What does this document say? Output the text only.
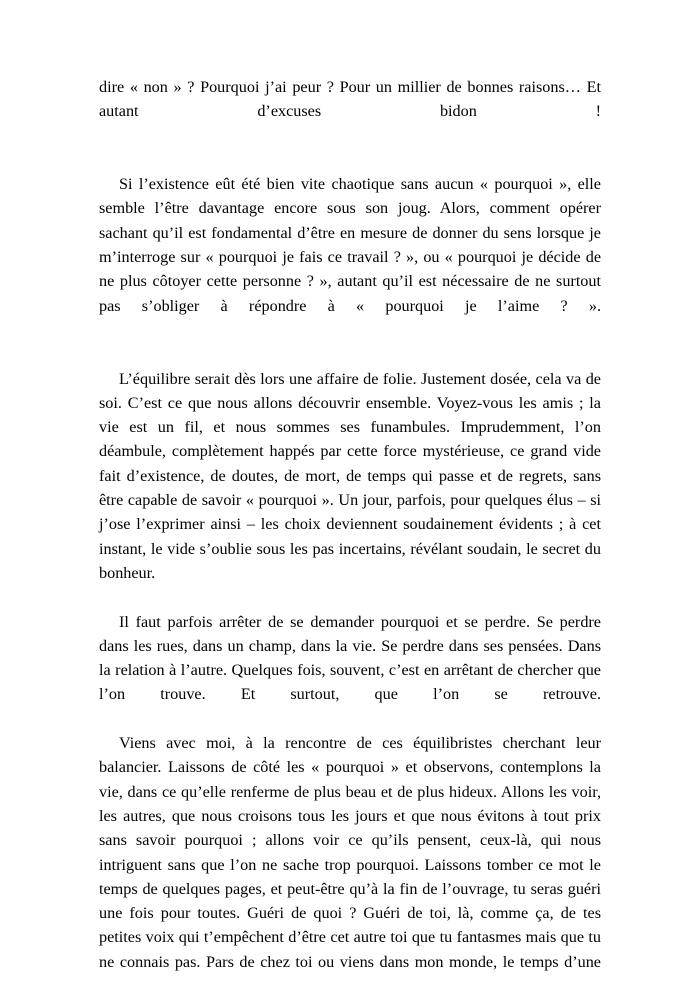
dire « non » ? Pourquoi j’ai peur ? Pour un millier de bonnes raisons… Et autant d’excuses bidon !

Si l’existence eût été bien vite chaotique sans aucun « pourquoi », elle semble l’être davantage encore sous son joug. Alors, comment opérer sachant qu’il est fondamental d’être en mesure de donner du sens lorsque je m’interroge sur « pourquoi je fais ce travail ? », ou « pourquoi je décide de ne plus côtoyer cette personne ? », autant qu’il est nécessaire de ne surtout pas s’obliger à répondre à « pourquoi je l’aime ? ».

L’équilibre serait dès lors une affaire de folie. Justement dosée, cela va de soi. C’est ce que nous allons découvrir ensemble. Voyez-vous les amis ; la vie est un fil, et nous sommes ses funambules. Imprudemment, l’on déambule, complètement happés par cette force mystérieuse, ce grand vide fait d’existence, de doutes, de mort, de temps qui passe et de regrets, sans être capable de savoir « pourquoi ». Un jour, parfois, pour quelques élus – si j’ose l’exprimer ainsi – les choix deviennent soudainement évidents ; à cet instant, le vide s’oublie sous les pas incertains, révélant soudain, le secret du bonheur.

Il faut parfois arrêter de se demander pourquoi et se perdre. Se perdre dans les rues, dans un champ, dans la vie. Se perdre dans ses pensées. Dans la relation à l’autre. Quelques fois, souvent, c’est en arrêtant de chercher que l’on trouve. Et surtout, que l’on se retrouve.

Viens avec moi, à la rencontre de ces équilibristes cherchant leur balancier. Laissons de côté les « pourquoi » et observons, contemplons la vie, dans ce qu’elle renferme de plus beau et de plus hideux. Allons les voir, les autres, que nous croisons tous les jours et que nous évitons à tout prix sans savoir pourquoi ; allons voir ce qu’ils pensent, ceux-là, qui nous intriguent sans que l’on ne sache trop pourquoi. Laissons tomber ce mot le temps de quelques pages, et peut-être qu’à la fin de l’ouvrage, tu seras guéri une fois pour toutes. Guéri de quoi ? Guéri de toi, là, comme ça, de tes petites voix qui t’empêchent d’être cet autre toi que tu fantasmes mais que tu ne connais pas. Pars de chez toi ou viens dans mon monde, le temps d’une
